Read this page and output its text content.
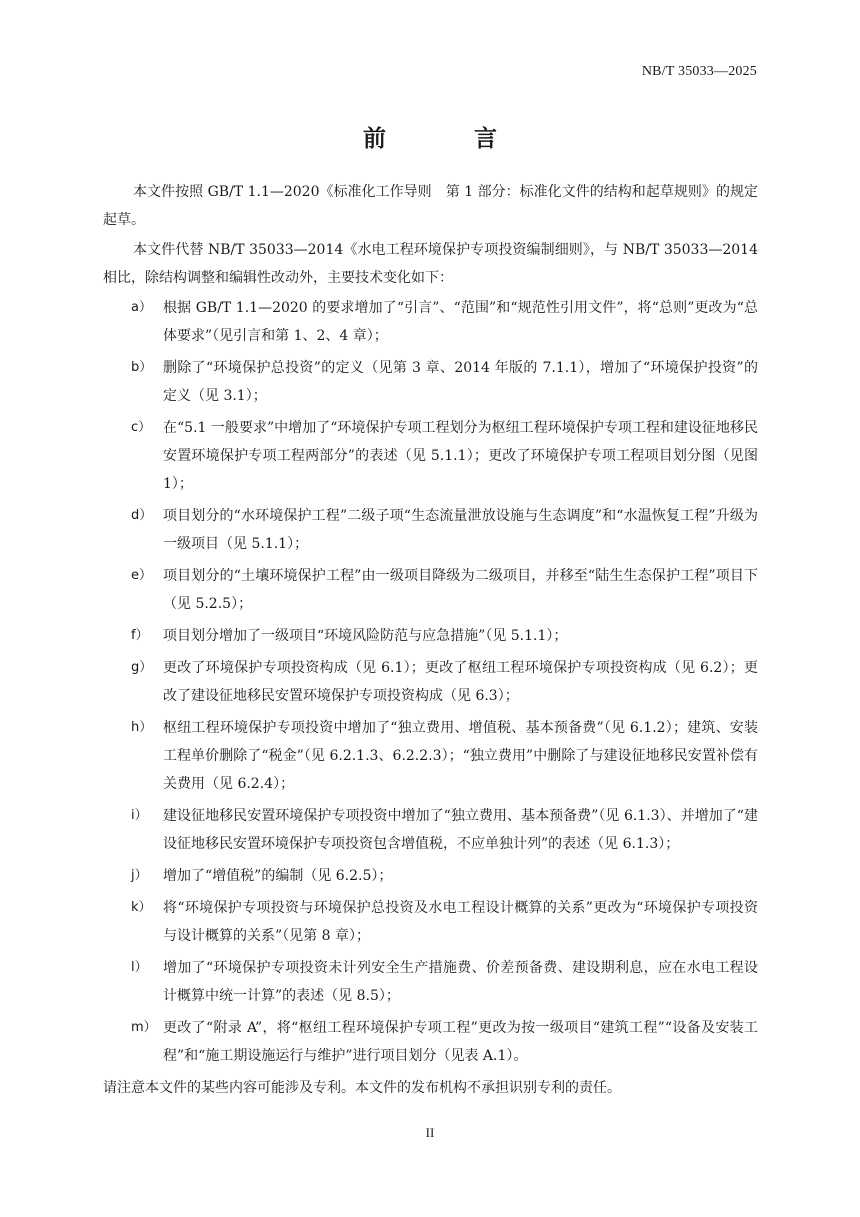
NB/T 35033—2025
前 言

本文件按照 GB/T 1.1—2020《标准化工作导则　第 1 部分：标准化文件的结构和起草规则》的规定起草。

本文件代替 NB/T 35033—2014《水电工程环境保护专项投资编制细则》，与 NB/T 35033—2014 相比，除结构调整和编辑性改动外，主要技术变化如下：

a） 根据 GB/T 1.1—2020 的要求增加了“引言”、“范围”和“规范性引用文件”，将“总则”更改为“总体要求”（见引言和第 1、2、4 章）；
b） 删除了“环境保护总投资”的定义（见第 3 章、2014 年版的 7.1.1），增加了“环境保护投资”的定义（见 3.1）；
c） 在“5.1 一般要求”中增加了“环境保护专项工程划分为枢纽工程环境保护专项工程和建设征地移民安置环境保护专项工程两部分”的表述（见 5.1.1）；更改了环境保护专项工程项目划分图（见图 1）；
d） 项目划分的“水环境保护工程”二级子项“生态流量泄放设施与生态调度”和“水温恢复工程”升级为一级项目（见 5.1.1）；
e） 项目划分的“土壤环境保护工程”由一级项目降级为二级项目，并移至“陆生生态保护工程”项目下（见 5.2.5）；
f） 项目划分增加了一级项目“环境风险防范与应急措施”（见 5.1.1）；
g） 更改了环境保护专项投资构成（见 6.1）；更改了枢纽工程环境保护专项投资构成（见 6.2）；更改了建设征地移民安置环境保护专项投资构成（见 6.3）；
h） 枢纽工程环境保护专项投资中增加了“独立费用、增值税、基本预备费”（见 6.1.2）；建筑、安装工程单价删除了“税金”（见 6.2.1.3、6.2.2.3）；“独立费用”中删除了与建设征地移民安置补偿有关费用（见 6.2.4）；
i） 建设征地移民安置环境保护专项投资中增加了“独立费用、基本预备费”（见 6.1.3）、并增加了“建设征地移民安置环境保护专项投资包含增值税，不应单独计列”的表述（见 6.1.3）；
j） 增加了“增值税”的编制（见 6.2.5）；
k） 将“环境保护专项投资与环境保护总投资及水电工程设计概算的关系”更改为“环境保护专项投资与设计概算的关系”（见第 8 章）；
l） 增加了“环境保护专项投资未计列安全生产措施费、价差预备费、建设期利息，应在水电工程设计概算中统一计算”的表述（见 8.5）；
m） 更改了“附录 A”，将“枢纽工程环境保护专项工程”更改为按一级项目“建筑工程”“设备及安装工程”和“施工期设施运行与维护”进行项目划分（见表 A.1）。

请注意本文件的某些内容可能涉及专利。本文件的发布机构不承担识别专利的责任。

II
